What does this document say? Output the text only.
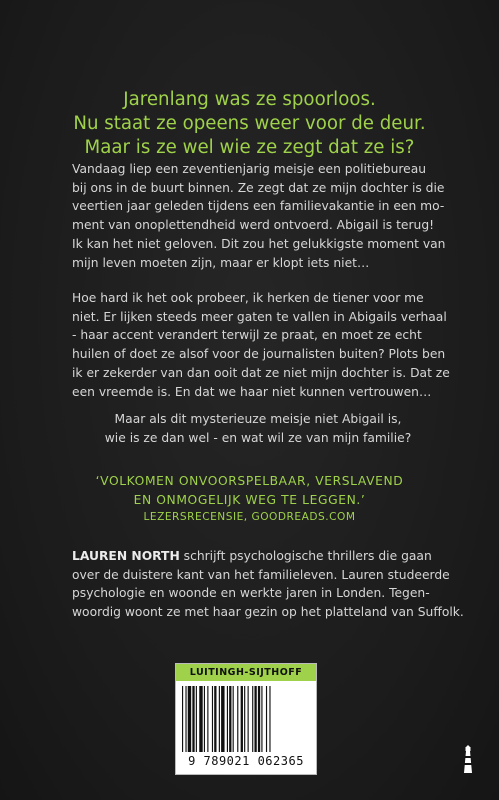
Jarenlang was ze spoorloos.
Nu staat ze opeens weer voor de deur.
Maar is ze wel wie ze zegt dat ze is?

Vandaag liep een zeventienjarig meisje een politiebureau
bij ons in de buurt binnen. Ze zegt dat ze mijn dochter is die
veertien jaar geleden tijdens een familievakantie in een mo-
ment van onoplettendheid werd ontvoerd. Abigail is terug!
Ik kan het niet geloven. Dit zou het gelukkigste moment van
mijn leven moeten zijn, maar er klopt iets niet…

Hoe hard ik het ook probeer, ik herken de tiener voor me
niet. Er lijken steeds meer gaten te vallen in Abigails verhaal
- haar accent verandert terwijl ze praat, en moet ze echt
huilen of doet ze alsof voor de journalisten buiten? Plots ben
ik er zekerder van dan ooit dat ze niet mijn dochter is. Dat ze
een vreemde is. En dat we haar niet kunnen vertrouwen…

Maar als dit mysterieuze meisje niet Abigail is,
wie is ze dan wel - en wat wil ze van mijn familie?

‘VOLKOMEN ONVOORSPELBAAR, VERSLAVEND
EN ONMOGELIJK WEG TE LEGGEN.’
LEZERSRECENSIE, GOODREADS.COM

LAUREN NORTH schrijft psychologische thrillers die gaan
over de duistere kant van het familieleven. Lauren studeerde
psychologie en woonde en werkte jaren in Londen. Tegen-
woordig woont ze met haar gezin op het platteland van Suffolk.

LUITINGH-SIJTHOFF
9 789021 062365
